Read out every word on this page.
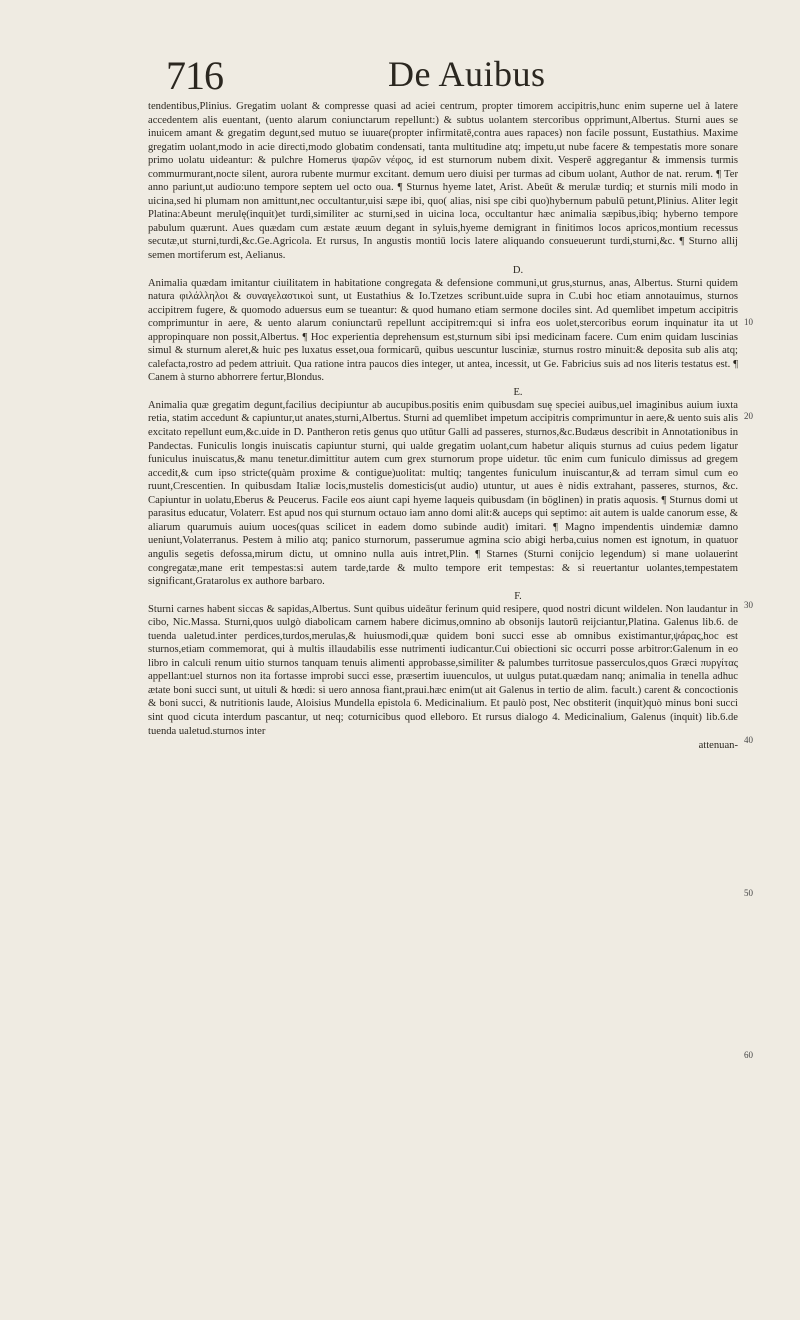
716	De Auibus

tendentibus,Plinius. Gregatim uolant & compresse quasi ad aciei centrum, propter timorem accipitris,hunc enim superne uel à latere accedentem alis euentant, (uento alarum coniunctarum repellunt:) & subtus uolantem stercoribus opprimunt,Albertus. Sturni aues se inuicem amant & gregatim degunt,sed mutuo se iuuare(propter infirmitatē,contra aues rapaces) non facile possunt, Eustathius. Maxime gregatim uolant,modo in acie directi,modo globatim condensati, tanta multitudine atq; impetu,ut nube facere & tempestatis more sonare primo uolatu uideantur: & pulchre Homerus ψαρῶν νέφος, id est sturnorum nubem dixit. Vesperē aggregantur & immensis turmis commurmurant,nocte silent, aurora rubente murmur excitant. demum uero diuisi per turmas ad cibum uolant, Author de nat. rerum. ¶ Ter anno pariunt,ut audio:uno tempore septem uel octo oua. ¶ Sturnus hyeme latet, Arist. Abeūt & merulæ turdiq; et sturnis mili modo in uicina,sed hi plumam non amittunt,nec occultantur,uisi sæpe ibi, quo( alias, nisi spe cibi quo)hybernum pabulū petunt,Plinius. Aliter legit Platina:Abeunt merulę(inquit)et turdi,similiter ac sturni,sed in uicina loca, occultantur hæc animalia sæpibus,ibiq; hyberno tempore pabulum quærunt. Aues quædam cum æstate æuum degant in syluis,hyeme demigrant in finitimos locos apricos,montium recessus secutæ,ut sturni,turdi,&c.Ge.Agricola. Et rursus, In angustis montiū locis latere aliquando consueuerunt turdi,sturni,&c. ¶ Sturno allij semen mortiferum est, Aelianus.

D.

Animalia quædam imitantur ciuilitatem in habitatione congregata & defensione communi,ut grus,sturnus, anas, Albertus. Sturni quidem natura φιλάλληλοι & συναγελαστικοὶ sunt, ut Eustathius & Io.Tzetzes scribunt.uide supra in C.ubi hoc etiam annotauimus, sturnos accipitrem fugere, & quomodo aduersus eum se tueantur: & quod humano etiam sermone dociles sint. Ad quemlibet impetum accipitris comprimuntur in aere, & uento alarum coniunctarū repellunt accipitrem:qui si infra eos uolet,stercoribus eorum inquinatur ita ut appropinquare non possit,Albertus. ¶ Hoc experientia deprehensum est,sturnum sibi ipsi medicinam facere. Cum enim quidam luscinias simul & sturnum aleret,& huic pes luxatus esset,oua formicarū, quibus uescuntur lusciniæ, sturnus rostro minuit:& deposita sub alis atq; calefacta,rostro ad pedem attriuit. Qua ratione intra paucos dies integer, ut antea, incessit, ut Ge. Fabricius suis ad nos literis testatus est. ¶ Canem à sturno abhorrere fertur,Blondus.

E.

Animalia quæ gregatim degunt,facilius decipiuntur ab aucupibus.positis enim quibusdam suę speciei auibus,uel imaginibus auium iuxta retia, statim accedunt & capiuntur,ut anates,sturni,Albertus. Sturni ad quemlibet impetum accipitris comprimuntur in aere,& uento suis alis excitato repellunt eum,&c.uide in D. Pantheron retis genus quo utūtur Galli ad passeres, sturnos,&c.Budæus describit in Annotationibus in Pandectas. Funiculis longis inuiscatis capiuntur sturni, qui ualde gregatim uolant,cum habetur aliquis sturnus ad cuius pedem ligatur funiculus inuiscatus,& manu tenetur.dimittitur autem cum grex sturnorum prope uidetur. tūc enim cum funiculo dimissus ad gregem accedit,& cum ipso stricte(quàm proxime & contigue)uolitat: multiq; tangentes funiculum inuiscantur,& ad terram simul cum eo ruunt,Crescentien. In quibusdam Italiæ locis,mustelis domesticis(ut audio) utuntur, ut aues è nidis extrahant, passeres, sturnos, &c. Capiuntur in uolatu,Eberus & Peucerus. Facile eos aiunt capi hyeme laqueis quibusdam (in böglinen) in pratis aquosis. ¶ Sturnus domi ut parasitus educatur, Volaterr. Est apud nos qui sturnum octauo iam anno domi alit:& auceps qui septimo: ait autem is ualde canorum esse, & aliarum quarumuis auium uoces(quas scilicet in eadem domo subinde audit) imitari. ¶ Magno impendentis uindemiæ damno ueniunt,Volaterranus. Pestem à milio atq; panico sturnorum, passerumue agmina scio abigi herba,cuius nomen est ignotum, in quatuor angulis segetis defossa,mirum dictu, ut omnino nulla auis intret,Plin. ¶ Starnes (Sturni conijcio legendum) si mane uolauerint congregatæ,mane erit tempestas:si autem tarde,tarde & multo tempore erit tempestas: & si reuertantur uolantes,tempestatem significant,Gratarolus ex authore barbaro.

F.

Sturni carnes habent siccas & sapidas,Albertus. Sunt quibus uideātur ferinum quid resipere, quod nostri dicunt wildelen. Non laudantur in cibo, Nic.Massa. Sturni,quos uulgò diabolicam carnem habere dicimus,omnino ab obsonijs lautorū reijciantur,Platina. Galenus lib.6. de tuenda ualetud.inter perdices,turdos,merulas,& huiusmodi,quæ quidem boni succi esse ab omnibus existimantur,ψάρας,hoc est sturnos,etiam commemorat, qui à multis illaudabilis esse nutrimenti iudicantur.Cui obiectioni sic occurri posse arbitror:Galenum in eo libro in calculi renum uitio sturnos tanquam tenuis alimenti approbasse,similiter & palumbes turritosue passerculos,quos Græci πυργίτας appellant:uel sturnos non ita fortasse improbi succi esse, præsertim iuuenculos, ut uulgus putat.quædam nanq; animalia in tenella adhuc ætate boni succi sunt, ut uituli & hœdi: si uero annosa fiant,praui.hæc enim(ut ait Galenus in tertio de alim. facult.) carent & concoctionis & boni succi, & nutritionis laude, Aloisius Mundella epistola 6. Medicinalium. Et paulò post, Nec obstiterit (inquit)quò minus boni succi sint quod cicuta interdum pascantur, ut neq; coturnicibus quod elleboro. Et rursus dialogo 4. Medicinalium, Galenus (inquit) lib.6.de tuenda ualetud.sturnos inter

attenuan-
10
20
30
40
50
60
